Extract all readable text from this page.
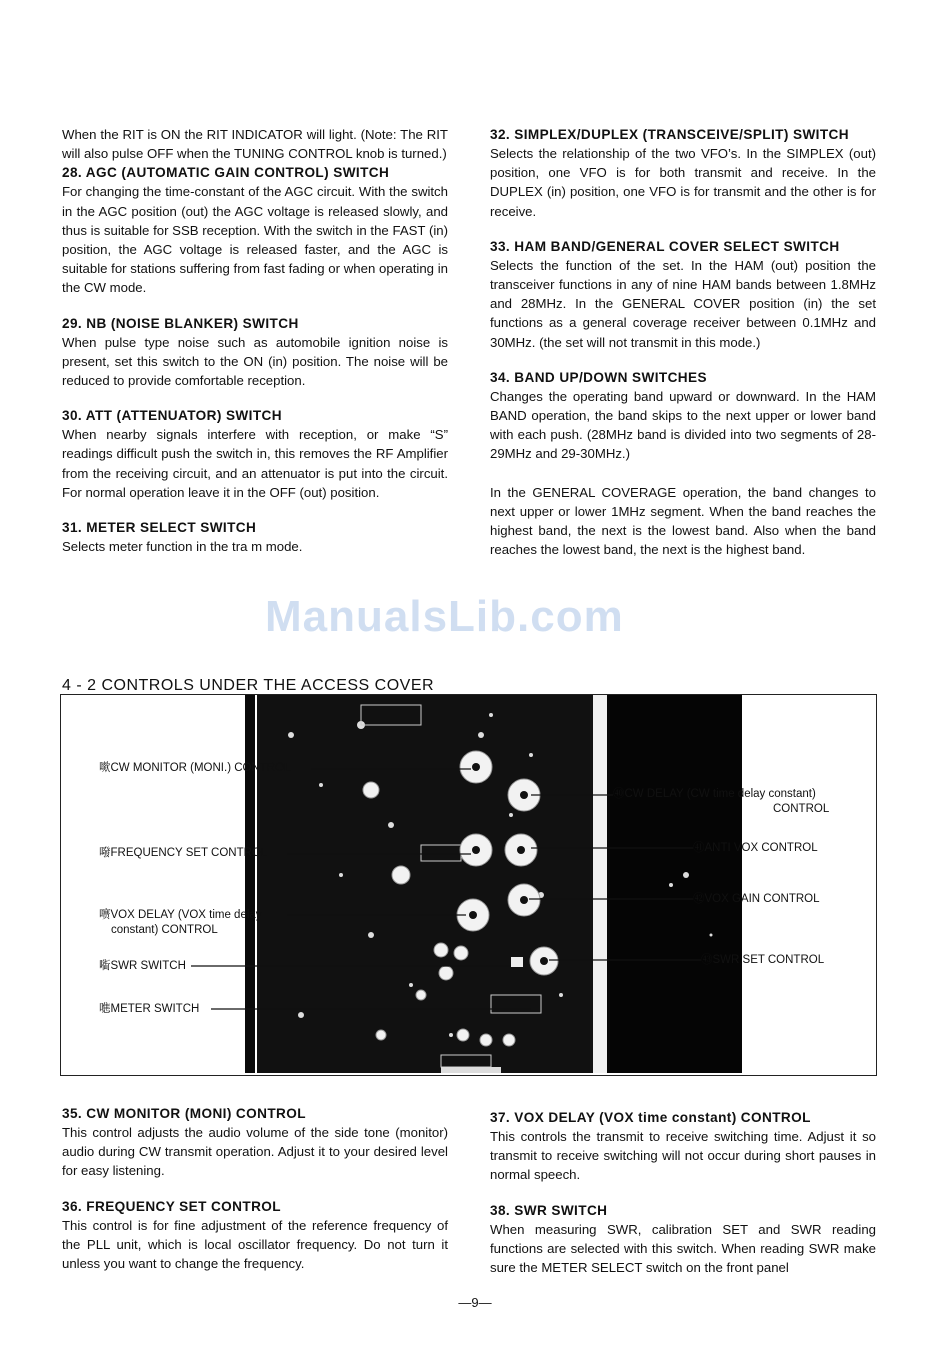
When the RIT is ON the RIT INDICATOR will light. (Note: The RIT will also pulse OFF when the TUNING CONTROL knob is turned.)

28. AGC (AUTOMATIC GAIN CONTROL) SWITCH

For changing the time-constant of the AGC circuit. With the switch in the AGC position (out) the AGC voltage is released slowly, and thus is suitable for SSB reception. With the switch in the FAST (in) position, the AGC voltage is released faster, and the AGC is suitable for stations suffering from fast fading or when operating in the CW mode.

29. NB (NOISE BLANKER) SWITCH

When pulse type noise such as automobile ignition noise is present, set this switch to the ON (in) position. The noise will be reduced to provide comfortable reception.

30. ATT (ATTENUATOR) SWITCH

When nearby signals interfere with reception, or make “S” readings difficult push the switch in, this removes the RF Amplifier from the receiving circuit, and an attenuator is put into the circuit. For normal operation leave it in the OFF (out) position.

31. METER SELECT SWITCH

Selects meter function in the tra m mode.

32. SIMPLEX/DUPLEX (TRANSCEIVE/SPLIT) SWITCH

Selects the relationship of the two VFO’s. In the SIMPLEX (out) position, one VFO is for both transmit and receive. In the DUPLEX (in) position, one VFO is for transmit and the other is for receive.

33. HAM BAND/GENERAL COVER SELECT SWITCH

Selects the function of the set. In the HAM (out) position the transceiver functions in any of nine HAM bands between 1.8MHz and 28MHz. In the GENERAL COVER position (in) the set functions as a general coverage receiver between 0.1MHz and 30MHz. (the set will not transmit in this mode.)

34. BAND UP/DOWN SWITCHES

Changes the operating band upward or downward. In the HAM BAND operation, the band skips to the next upper or lower band with each push. (28MHz band is divided into two segments of 28-29MHz and 29-30MHz.)

In the GENERAL COVERAGE operation, the band changes to next upper or lower 1MHz segment. When the band reaches the highest band, the next is the lowest band. Also when the band reaches the lowest band, the next is the highest band.

ManualsLib.com
4 - 2 CONTROLS UNDER THE ACCESS COVER
㗵CW MONITOR (MONI.) CONTROL
㗶FREQUENCY SET CONTROL
㗷VOX DELAY (VOX time delay
constant) CONTROL
㗸SWR SWITCH
㗹METER SWITCH
㊵CW DELAY (CW time delay constant)
CONTROL
㊶ANTI VOX CONTROL
㊷VOX GAIN CONTROL
㊸SWR SET CONTROL
35. CW MONITOR (MONI) CONTROL

This control adjusts the audio volume of the side tone (monitor) audio during CW transmit operation. Adjust it to your desired level for easy listening.

36. FREQUENCY SET CONTROL

This control is for fine adjustment of the reference frequency of the PLL unit, which is local oscillator frequency. Do not turn it unless you want to change the frequency.

37. VOX DELAY (VOX time constant) CONTROL

This controls the transmit to receive switching time. Adjust it so transmit to receive switching will not occur during short pauses in normal speech.

38. SWR SWITCH

When measuring SWR, calibration SET and SWR reading functions are selected with this switch. When reading SWR make sure the METER SELECT switch on the front panel

—9—
